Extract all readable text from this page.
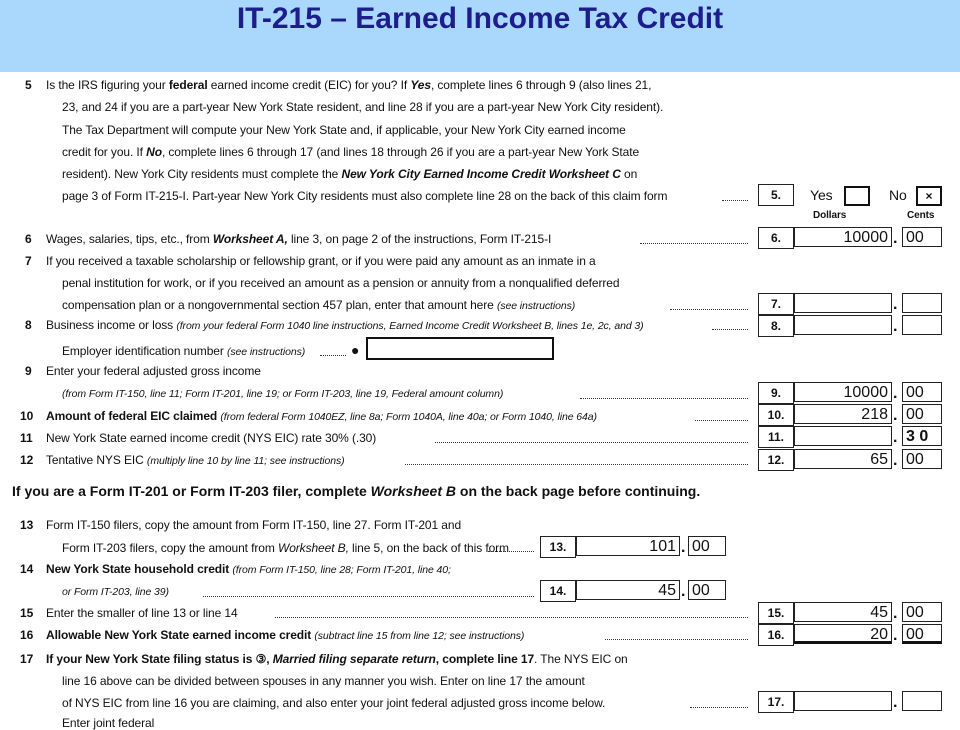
IT-215 – Earned Income Tax Credit
5 Is the IRS figuring your federal earned income credit (EIC) for you? If Yes, complete lines 6 through 9 (also lines 21,
23, and 24 if you are a part-year New York State resident, and line 28 if you are a part-year New York City resident).
The Tax Department will compute your New York State and, if applicable, your New York City earned income
credit for you. If No, complete lines 6 through 17 (and lines 18 through 26 if you are a part-year New York State
resident). New York City residents must complete the New York City Earned Income Credit Worksheet C on
page 3 of Form IT-215-I. Part-year New York City residents must also complete line 28 on the back of this claim form	5.	Yes	No	×
Dollars	Cents
6 Wages, salaries, tips, etc., from Worksheet A, line 3, on page 2 of the instructions, Form IT-215-I	6.	10000 . 00
7 If you received a taxable scholarship or fellowship grant, or if you were paid any amount as an inmate in a
penal institution for work, or if you received an amount as a pension or annuity from a nonqualified deferred
compensation plan or a nongovernmental section 457 plan, enter that amount here (see instructions)	7.	.
8 Business income or loss (from your federal Form 1040 line instructions, Earned Income Credit Worksheet B, lines 1e, 2c, and 3)	8.	.
Employer identification number (see instructions)	●
9 Enter your federal adjusted gross income
(from Form IT-150, line 11; Form IT-201, line 19; or Form IT-203, line 19, Federal amount column)	9.	10000 . 00
10 Amount of federal EIC claimed (from federal Form 1040EZ, line 8a; Form 1040A, line 40a; or Form 1040, line 64a)	10.	218 . 00
11 New York State earned income credit (NYS EIC) rate 30% (.30)	11.	. 3 0
12 Tentative NYS EIC (multiply line 10 by line 11; see instructions)	12.	65 . 00
If you are a Form IT-201 or Form IT-203 filer, complete Worksheet B on the back page before continuing.
13 Form IT-150 filers, copy the amount from Form IT-150, line 27. Form IT-201 and
Form IT-203 filers, copy the amount from Worksheet B, line 5, on the back of this form	13.	101 . 00
14 New York State household credit (from Form IT-150, line 28; Form IT-201, line 40;
or Form IT-203, line 39)	14.	45 . 00
15 Enter the smaller of line 13 or line 14	15.	45 . 00
16 Allowable New York State earned income credit (subtract line 15 from line 12; see instructions)	16.	20 . 00
17 If your New York State filing status is ③, Married filing separate return, complete line 17. The NYS EIC on
line 16 above can be divided between spouses in any manner you wish. Enter on line 17 the amount
of NYS EIC from line 16 you are claiming, and also enter your joint federal adjusted gross income below.	17.	.
Enter joint federal
